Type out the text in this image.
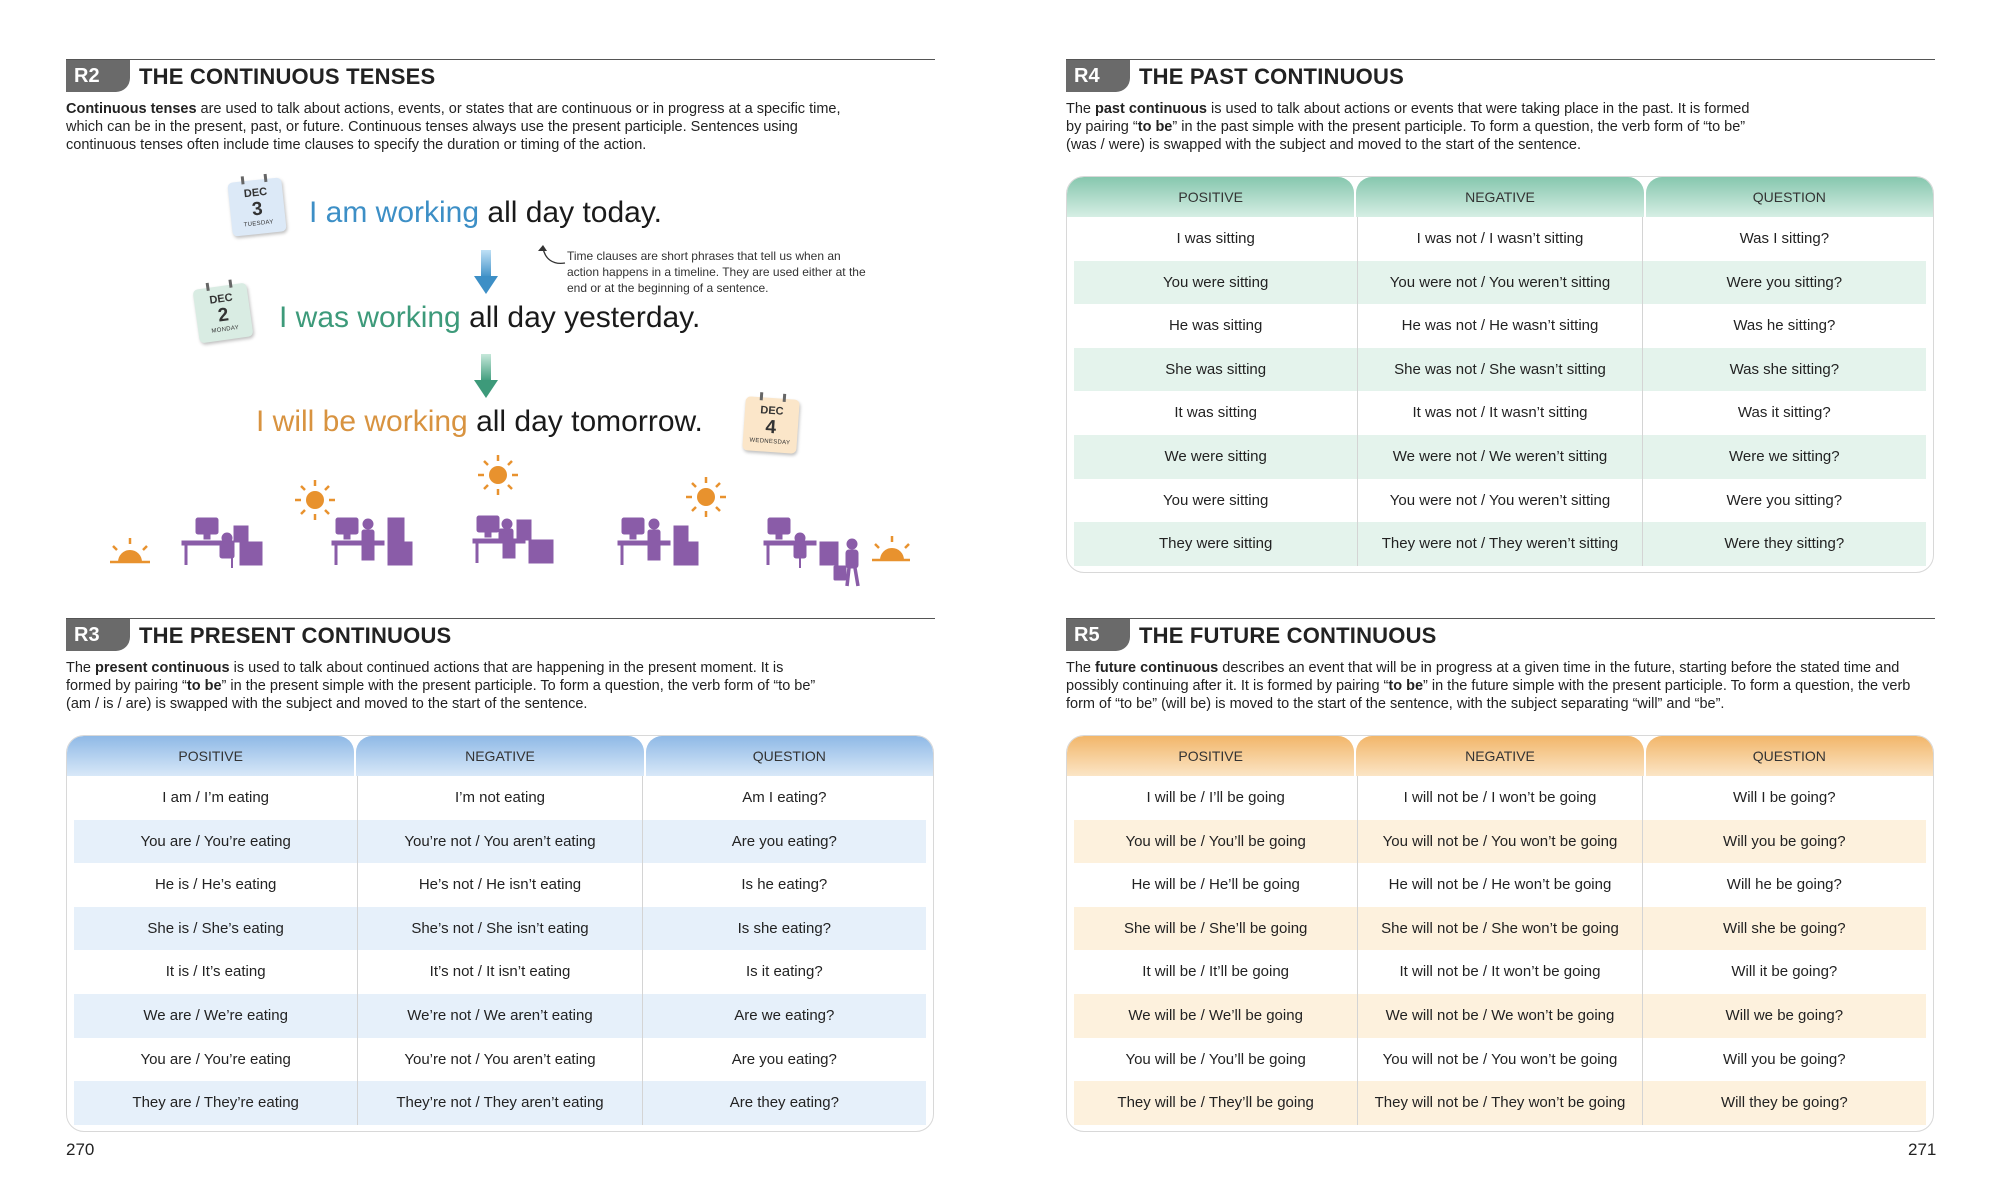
R2	THE CONTINUOUS TENSES
Continuous tenses are used to talk about actions, events, or states that are continuous or in progress at a specific time, which can be in the present, past, or future. Continuous tenses always use the present participle. Sentences using continuous tenses often include time clauses to specify the duration or timing of the action.
DEC
3
TUESDAY	I am working all day today.
Time clauses are short phrases that tell us when an action happens in a timeline. They are used either at the end or at the beginning of a sentence.
DEC
2
MONDAY	I was working all day yesterday.
I will be working all day tomorrow.	DEC
4
WEDNESDAY
R3	THE PRESENT CONTINUOUS
The present continuous is used to talk about continued actions that are happening in the present moment. It is formed by pairing “to be” in the present simple with the present participle. To form a question, the verb form of “to be” (am / is / are) is swapped with the subject and moved to the start of the sentence.
POSITIVE	NEGATIVE	QUESTION
I am / I’m eating	I’m not eating	Am I eating?
You are / You’re eating	You’re not / You aren’t eating	Are you eating?
He is / He’s eating	He’s not / He isn’t eating	Is he eating?
She is / She’s eating	She’s not / She isn’t eating	Is she eating?
It is / It’s eating	It’s not / It isn’t eating	Is it eating?
We are / We’re eating	We’re not / We aren’t eating	Are we eating?
You are / You’re eating	You’re not / You aren’t eating	Are you eating?
They are / They’re eating	They’re not / They aren’t eating	Are they eating?
270
R4	THE PAST CONTINUOUS
The past continuous is used to talk about actions or events that were taking place in the past. It is formed by pairing “to be” in the past simple with the present participle. To form a question, the verb form of “to be” (was / were) is swapped with the subject and moved to the start of the sentence.
POSITIVE	NEGATIVE	QUESTION
I was sitting	I was not / I wasn’t sitting	Was I sitting?
You were sitting	You were not / You weren’t sitting	Were you sitting?
He was sitting	He was not / He wasn’t sitting	Was he sitting?
She was sitting	She was not / She wasn’t sitting	Was she sitting?
It was sitting	It was not / It wasn’t sitting	Was it sitting?
We were sitting	We were not / We weren’t sitting	Were we sitting?
You were sitting	You were not / You weren’t sitting	Were you sitting?
They were sitting	They were not / They weren’t sitting	Were they sitting?
R5	THE FUTURE CONTINUOUS
The future continuous describes an event that will be in progress at a given time in the future, starting before the stated time and possibly continuing after it. It is formed by pairing “to be” in the future simple with the present participle. To form a question, the verb form of “to be” (will be) is moved to the start of the sentence, with the subject separating “will” and “be”.
POSITIVE	NEGATIVE	QUESTION
I will be / I’ll be going	I will not be / I won’t be going	Will I be going?
You will be / You’ll be going	You will not be / You won’t be going	Will you be going?
He will be / He’ll be going	He will not be / He won’t be going	Will he be going?
She will be / She’ll be going	She will not be / She won’t be going	Will she be going?
It will be / It’ll be going	It will not be / It won’t be going	Will it be going?
We will be / We’ll be going	We will not be / We won’t be going	Will we be going?
You will be / You’ll be going	You will not be / You won’t be going	Will you be going?
They will be / They’ll be going	They will not be / They won’t be going	Will they be going?
271
